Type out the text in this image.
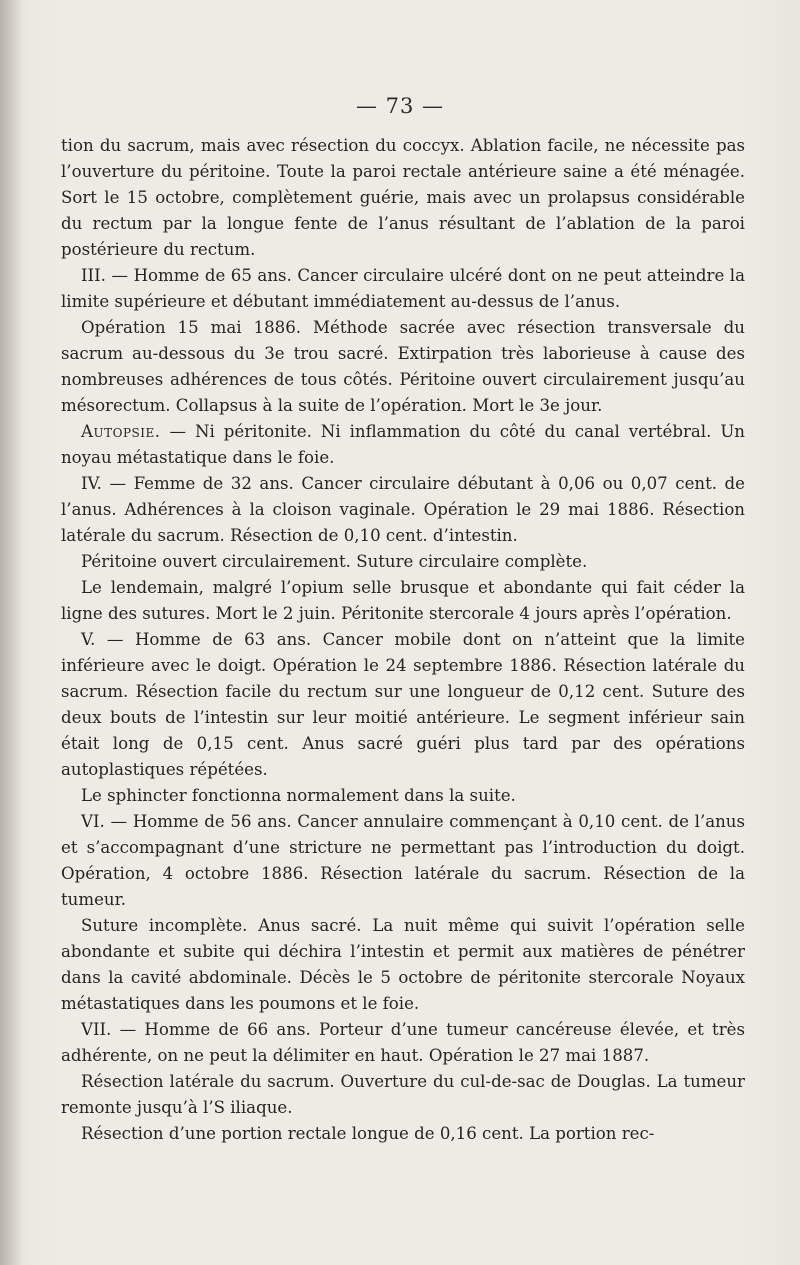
— 73 —

tion du sacrum, mais avec résection du coccyx. Ablation facile, ne nécessite pas l’ouverture du péritoine. Toute la paroi rectale antérieure saine a été ménagée. Sort le 15 octobre, complètement guérie, mais avec un prolapsus considérable du rectum par la longue fente de l’anus résultant de l’ablation de la paroi postérieure du rectum.

III. — Homme de 65 ans. Cancer circulaire ulcéré dont on ne peut atteindre la limite supérieure et débutant immédiatement au-dessus de l’anus.

Opération 15 mai 1886. Méthode sacrée avec résection transversale du sacrum au-dessous du 3e trou sacré. Extirpation très laborieuse à cause des nombreuses adhérences de tous côtés. Péritoine ouvert circulairement jusqu’au mésorectum. Collapsus à la suite de l’opération. Mort le 3e jour.

Autopsie. — Ni péritonite. Ni inflammation du côté du canal vertébral. Un noyau métastatique dans le foie.

IV. — Femme de 32 ans. Cancer circulaire débutant à 0,06 ou 0,07 cent. de l’anus. Adhérences à la cloison vaginale. Opération le 29 mai 1886. Résection latérale du sacrum. Résection de 0,10 cent. d’intestin.

Péritoine ouvert circulairement. Suture circulaire complète.

Le lendemain, malgré l’opium selle brusque et abondante qui fait céder la ligne des sutures. Mort le 2 juin. Péritonite stercorale 4 jours après l’opération.

V. — Homme de 63 ans. Cancer mobile dont on n’atteint que la limite inférieure avec le doigt. Opération le 24 septembre 1886. Résection latérale du sacrum. Résection facile du rectum sur une longueur de 0,12 cent. Suture des deux bouts de l’intestin sur leur moitié antérieure. Le segment inférieur sain était long de 0,15 cent. Anus sacré guéri plus tard par des opérations autoplastiques répétées.

Le sphincter fonctionna normalement dans la suite.

VI. — Homme de 56 ans. Cancer annulaire commençant à 0,10 cent. de l’anus et s’accompagnant d’une stricture ne permettant pas l’introduction du doigt. Opération, 4 octobre 1886. Résection latérale du sacrum. Résection de la tumeur.

Suture incomplète. Anus sacré. La nuit même qui suivit l’opération selle abondante et subite qui déchira l’intestin et permit aux matières de pénétrer dans la cavité abdominale. Décès le 5 octobre de péritonite stercorale Noyaux métastatiques dans les poumons et le foie.

VII. — Homme de 66 ans. Porteur d’une tumeur cancéreuse élevée, et très adhérente, on ne peut la délimiter en haut. Opération le 27 mai 1887.

Résection latérale du sacrum. Ouverture du cul-de-sac de Douglas. La tumeur remonte jusqu’à l’S iliaque.

Résection d’une portion rectale longue de 0,16 cent. La portion rec-
